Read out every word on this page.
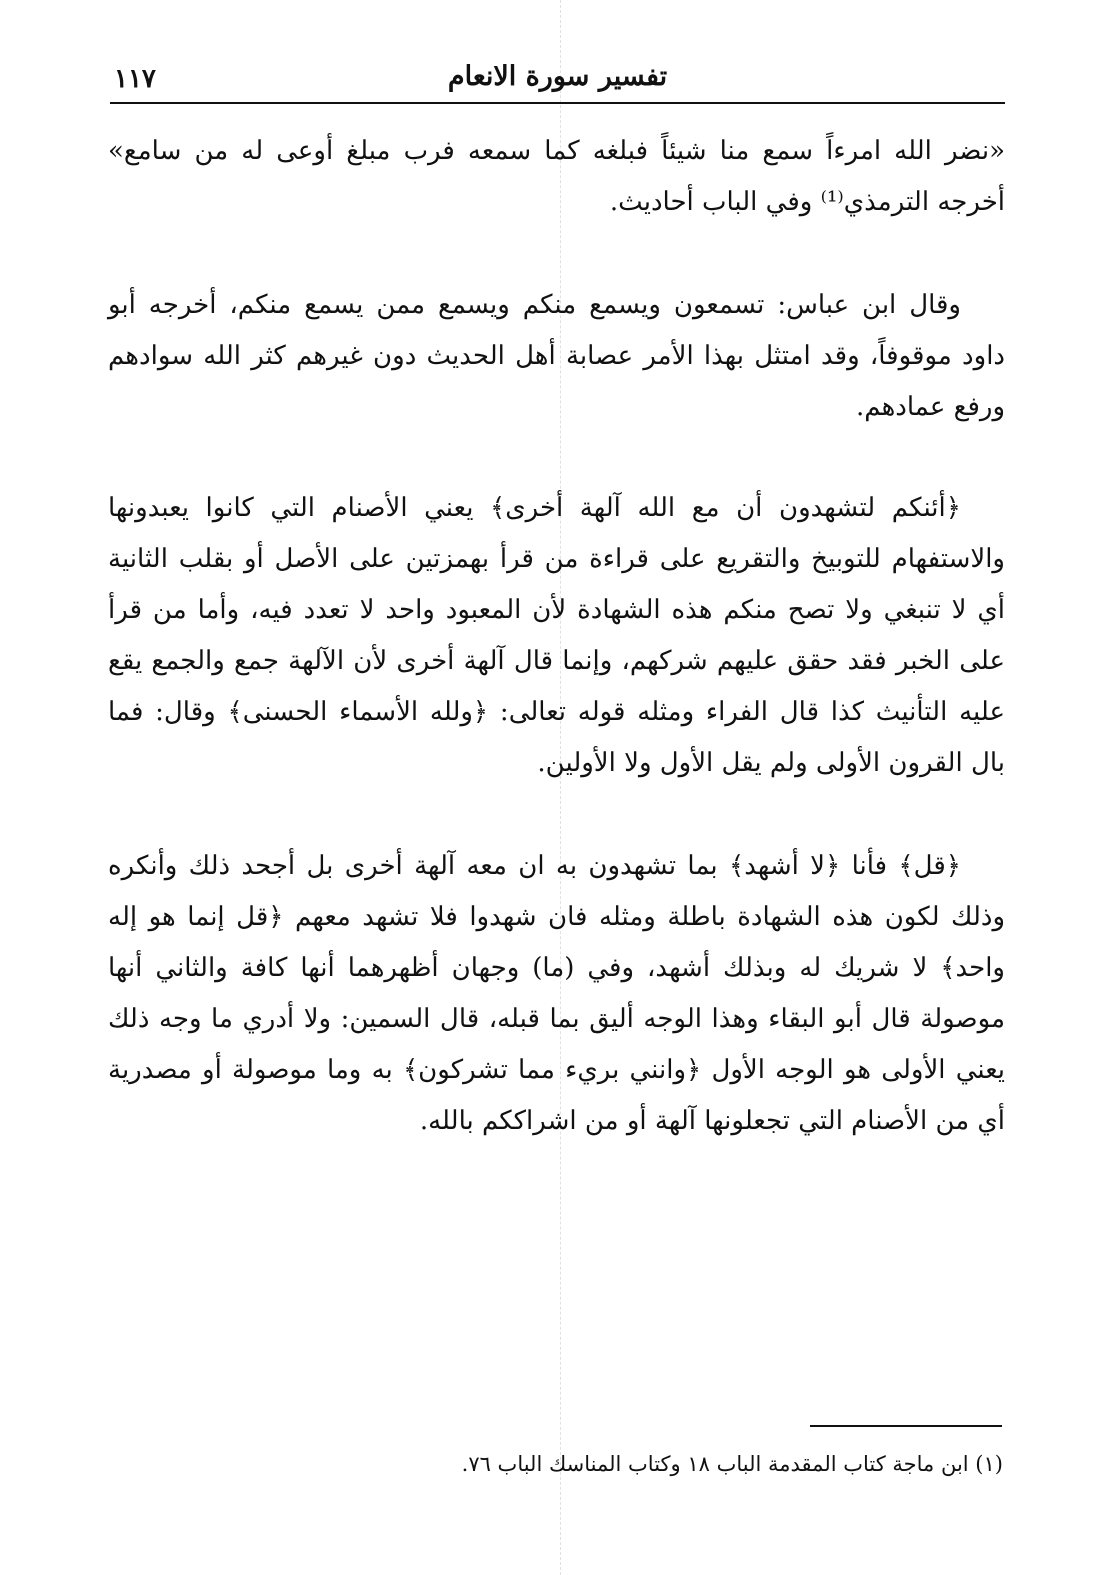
تفسير سورة الانعام
١١٧

«نضر الله امرءاً سمع منا شيئاً فبلغه كما سمعه فرب مبلغ أوعى له من سامع» أخرجه الترمذي⁽¹⁾ وفي الباب أحاديث.

وقال ابن عباس: تسمعون ويسمع منكم ويسمع ممن يسمع منكم، أخرجه أبو داود موقوفاً، وقد امتثل بهذا الأمر عصابة أهل الحديث دون غيرهم كثر الله سوادهم ورفع عمادهم.

﴿أئنكم لتشهدون أن مع الله آلهة أخرى﴾ يعني الأصنام التي كانوا يعبدونها والاستفهام للتوبيخ والتقريع على قراءة من قرأ بهمزتين على الأصل أو بقلب الثانية أي لا تنبغي ولا تصح منكم هذه الشهادة لأن المعبود واحد لا تعدد فيه، وأما من قرأ على الخبر فقد حقق عليهم شركهم، وإنما قال آلهة أخرى لأن الآلهة جمع والجمع يقع عليه التأنيث كذا قال الفراء ومثله قوله تعالى: ﴿ولله الأسماء الحسنى﴾ وقال: فما بال القرون الأولى ولم يقل الأول ولا الأولين.

﴿قل﴾ فأنا ﴿لا أشهد﴾ بما تشهدون به ان معه آلهة أخرى بل أجحد ذلك وأنكره وذلك لكون هذه الشهادة باطلة ومثله فان شهدوا فلا تشهد معهم ﴿قل إنما هو إله واحد﴾ لا شريك له وبذلك أشهد، وفي (ما) وجهان أظهرهما أنها كافة والثاني أنها موصولة قال أبو البقاء وهذا الوجه أليق بما قبله، قال السمين: ولا أدري ما وجه ذلك يعني الأولى هو الوجه الأول ﴿وانني بريء مما تشركون﴾ به وما موصولة أو مصدرية أي من الأصنام التي تجعلونها آلهة أو من اشراككم بالله.

(١) ابن ماجة كتاب المقدمة الباب ١٨ وكتاب المناسك الباب ٧٦.
